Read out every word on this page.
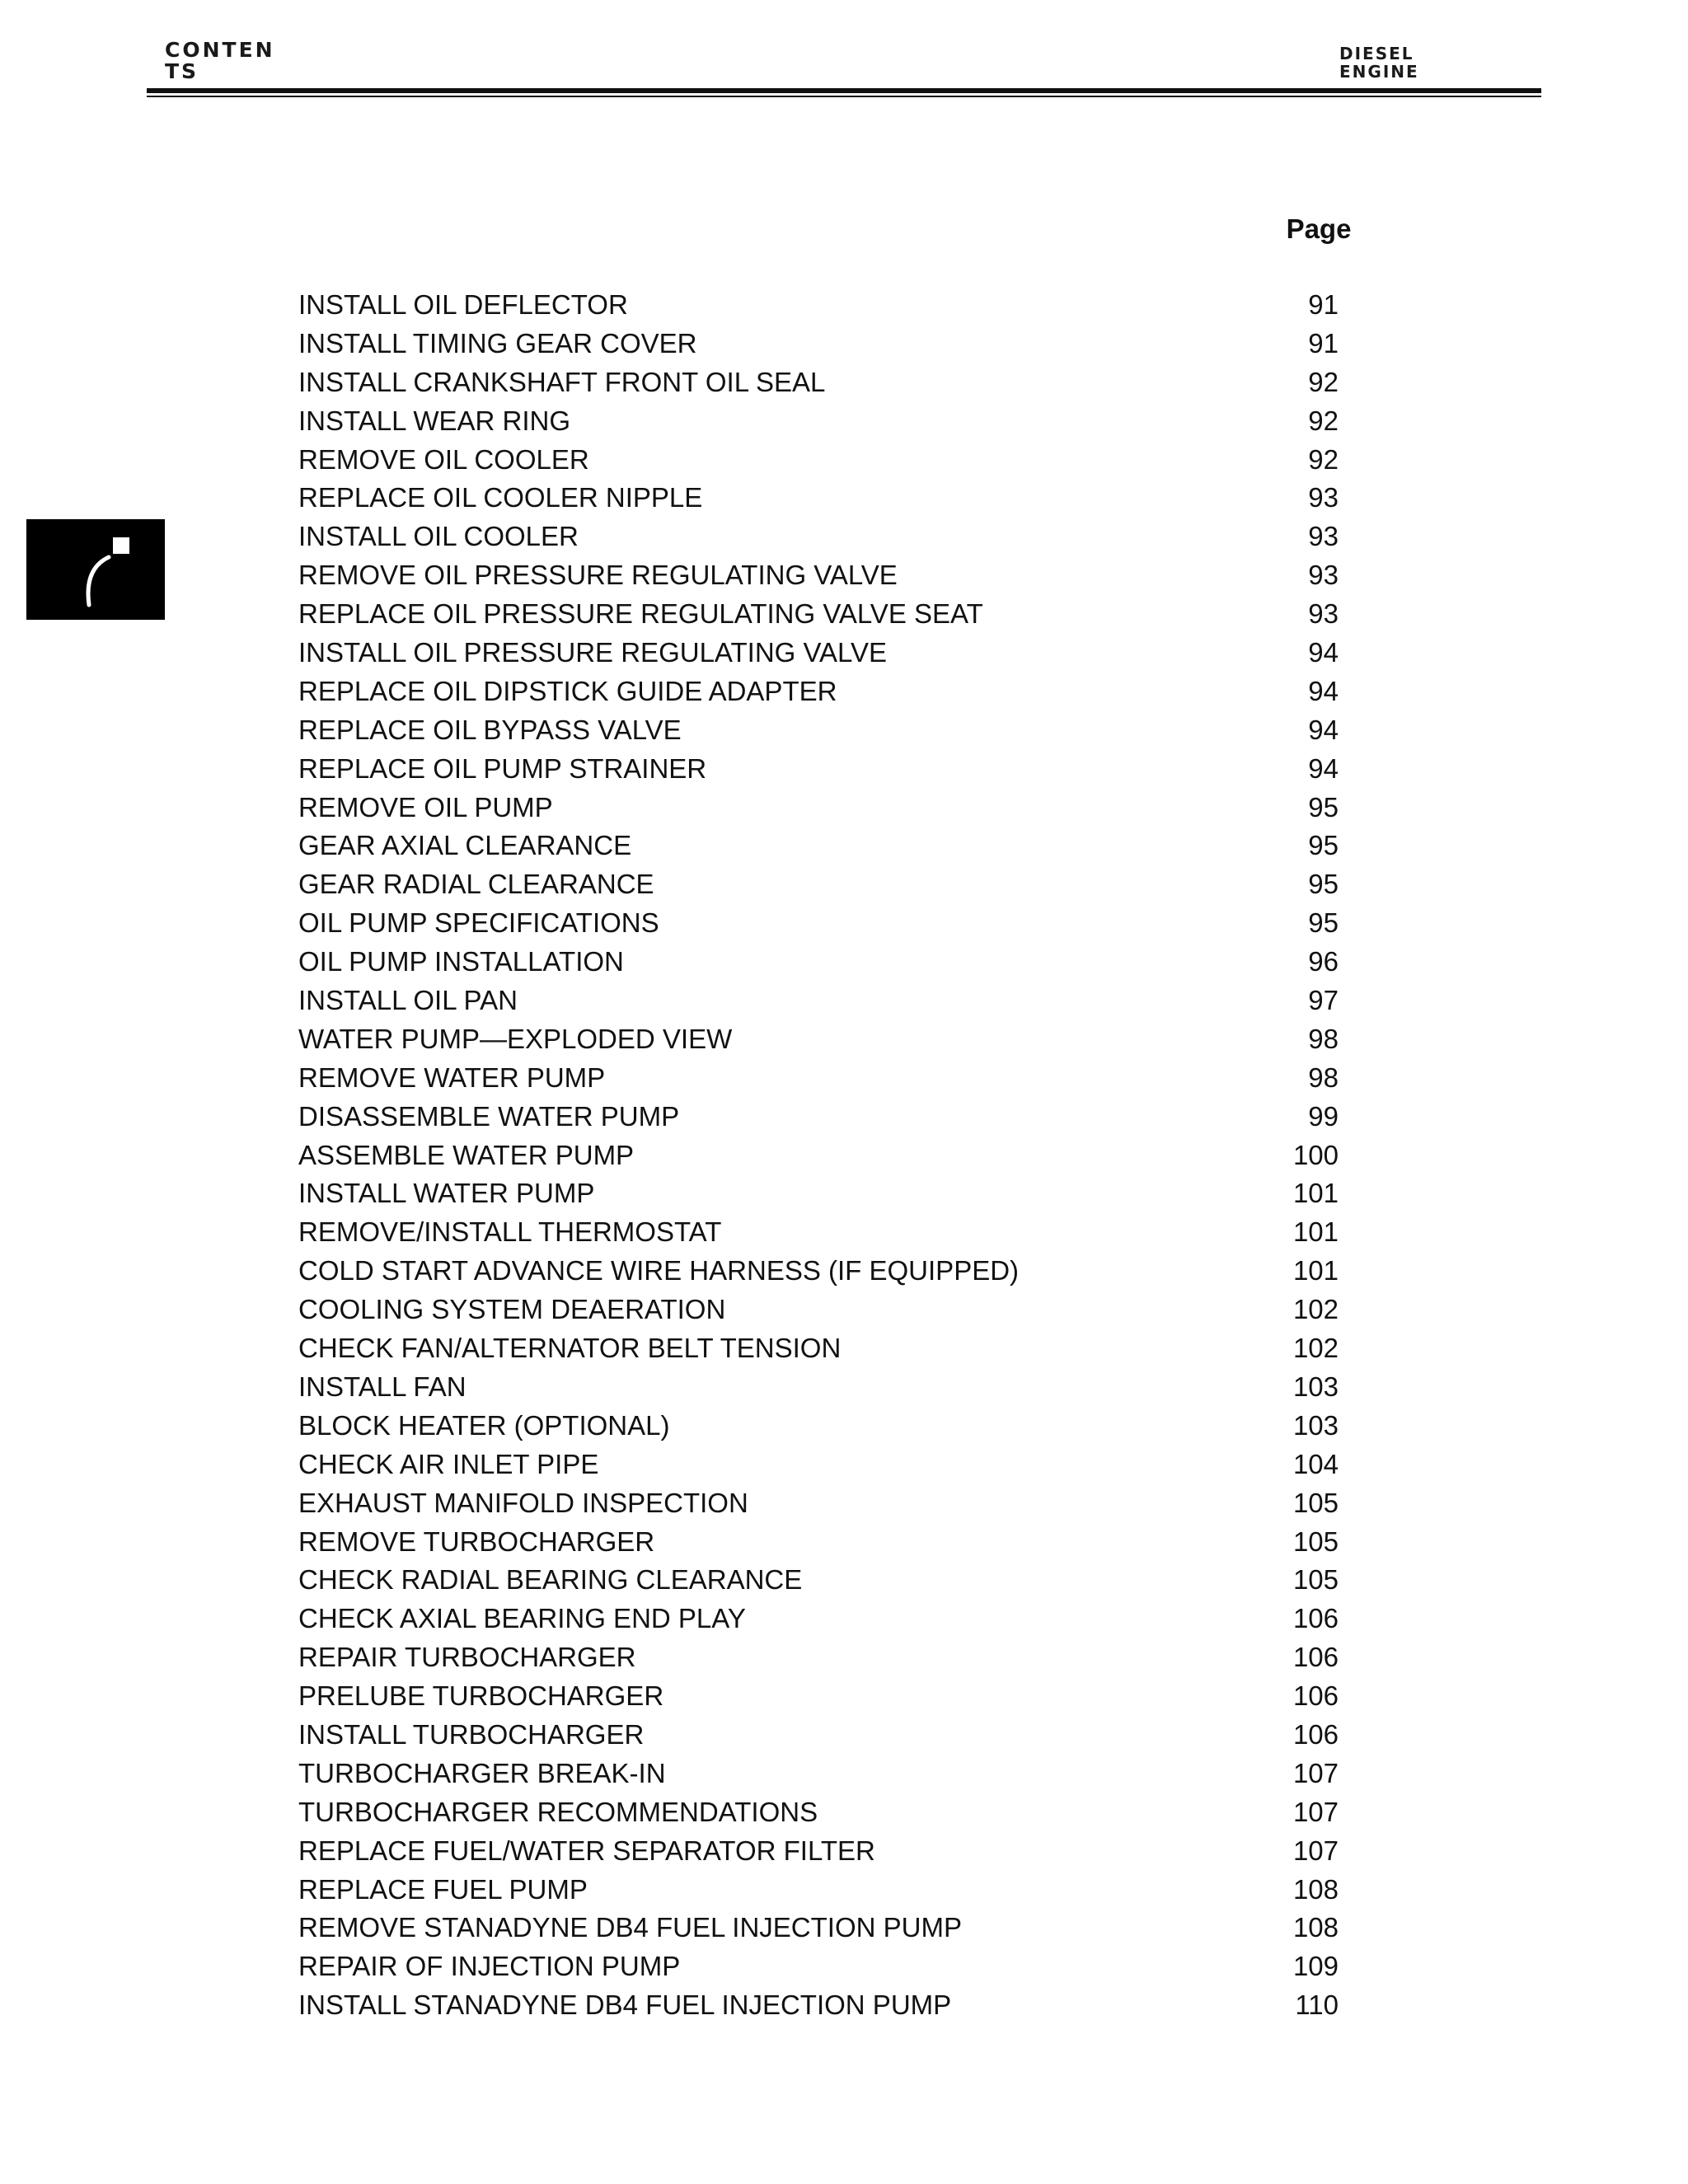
CONTEN
TS
DIESEL
ENGINE
Page
INSTALL OIL DEFLECTOR	91
INSTALL TIMING GEAR COVER	91
INSTALL CRANKSHAFT FRONT OIL SEAL	92
INSTALL WEAR RING	92
REMOVE OIL COOLER	92
REPLACE OIL COOLER NIPPLE	93
INSTALL OIL COOLER	93
REMOVE OIL PRESSURE REGULATING VALVE	93
REPLACE OIL PRESSURE REGULATING VALVE SEAT	93
INSTALL OIL PRESSURE REGULATING VALVE	94
REPLACE OIL DIPSTICK GUIDE ADAPTER	94
REPLACE OIL BYPASS VALVE	94
REPLACE OIL PUMP STRAINER	94
REMOVE OIL PUMP	95
GEAR AXIAL CLEARANCE	95
GEAR RADIAL CLEARANCE	95
OIL PUMP SPECIFICATIONS	95
OIL PUMP INSTALLATION	96
INSTALL OIL PAN	97
WATER PUMP—EXPLODED VIEW	98
REMOVE WATER PUMP	98
DISASSEMBLE WATER PUMP	99
ASSEMBLE WATER PUMP	100
INSTALL WATER PUMP	101
REMOVE/INSTALL THERMOSTAT	101
COLD START ADVANCE WIRE HARNESS (IF EQUIPPED)	101
COOLING SYSTEM DEAERATION	102
CHECK FAN/ALTERNATOR BELT TENSION	102
INSTALL FAN	103
BLOCK HEATER (OPTIONAL)	103
CHECK AIR INLET PIPE	104
EXHAUST MANIFOLD INSPECTION	105
REMOVE TURBOCHARGER	105
CHECK RADIAL BEARING CLEARANCE	105
CHECK AXIAL BEARING END PLAY	106
REPAIR TURBOCHARGER	106
PRELUBE TURBOCHARGER	106
INSTALL TURBOCHARGER	106
TURBOCHARGER BREAK-IN	107
TURBOCHARGER RECOMMENDATIONS	107
REPLACE FUEL/WATER SEPARATOR FILTER	107
REPLACE FUEL PUMP	108
REMOVE STANADYNE DB4 FUEL INJECTION PUMP	108
REPAIR OF INJECTION PUMP	109
INSTALL STANADYNE DB4 FUEL INJECTION PUMP	110
